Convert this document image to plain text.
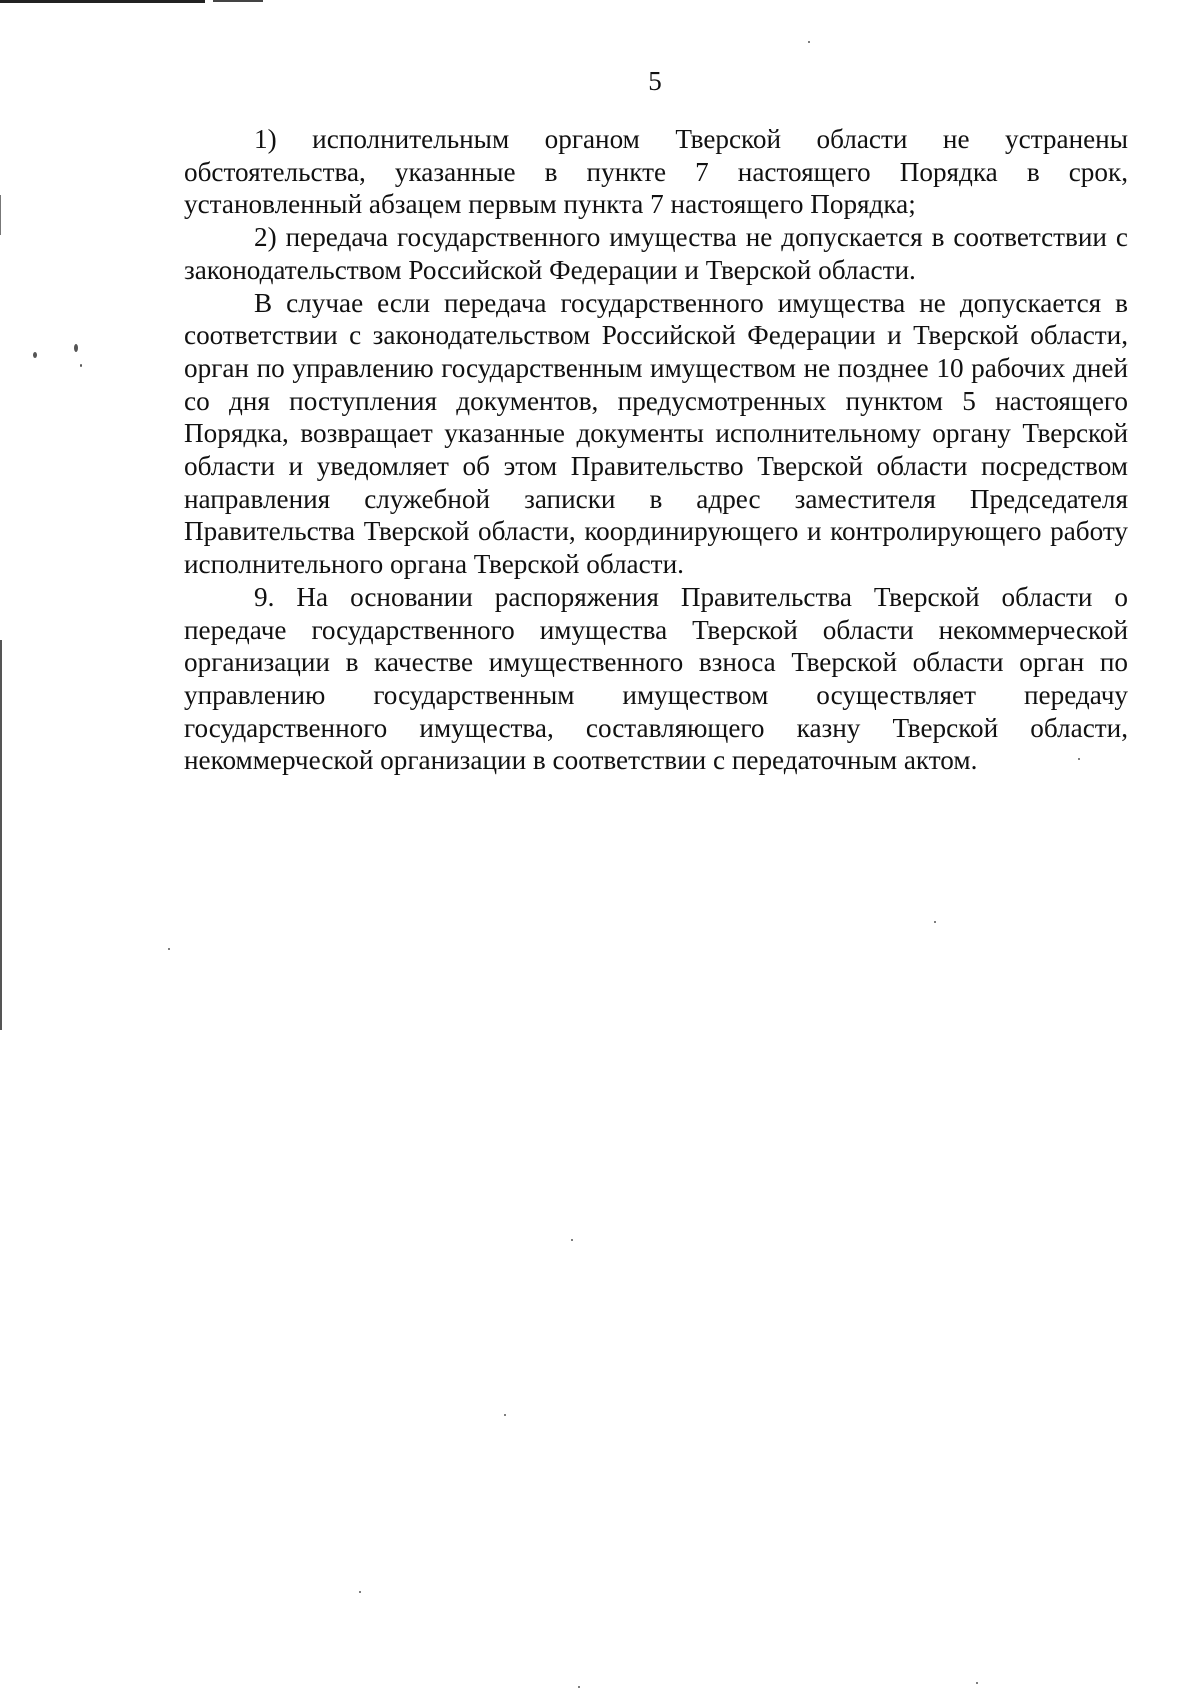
5

1) исполнительным органом Тверской области не устранены обстоятельства, указанные в пункте 7 настоящего Порядка в срок, установленный абзацем первым пункта 7 настоящего Порядка;

2) передача государственного имущества не допускается в соответствии с законодательством Российской Федерации и Тверской области.

В случае если передача государственного имущества не допускается в соответствии с законодательством Российской Федерации и Тверской области, орган по управлению государственным имуществом не позднее 10 рабочих дней со дня поступления документов, предусмотренных пунктом 5 настоящего Порядка, возвращает указанные документы исполнительному органу Тверской области и уведомляет об этом Правительство Тверской области посредством направления служебной записки в адрес заместителя Председателя Правительства Тверской области, координирующего и контролирующего работу исполнительного органа Тверской области.

9. На основании распоряжения Правительства Тверской области о передаче государственного имущества Тверской области некоммерческой организации в качестве имущественного взноса Тверской области орган по управлению государственным имуществом осуществляет передачу государственного имущества, составляющего казну Тверской области, некоммерческой организации в соответствии с передаточным актом.
